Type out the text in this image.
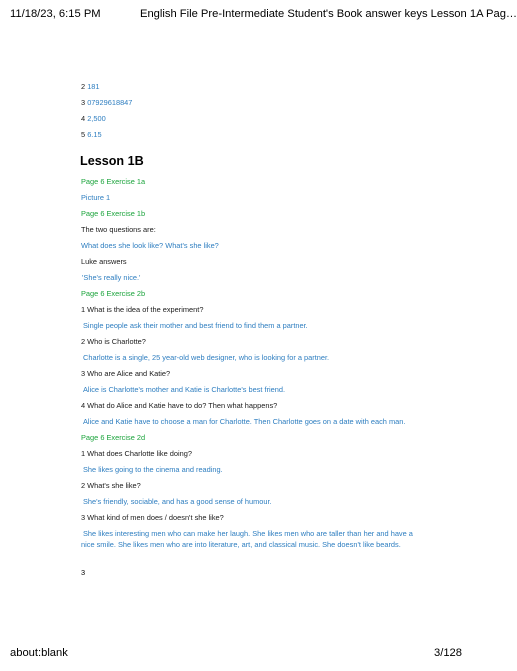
11/18/23, 6:15 PM	English File Pre-Intermediate Student's Book answer keys Lesson 1A Pag…
2 181
3 07929618847
4 2,500
5 6.15
Lesson 1B
Page 6 Exercise 1a
Picture 1
Page 6 Exercise 1b
The two questions are:
What does she look like? What's she like?
Luke answers
'She's really nice.'
Page 6 Exercise 2b
1 What is the idea of the experiment?
Single people ask their mother and best friend to find them a partner.
2 Who is Charlotte?
Charlotte is a single, 25 year-old web designer, who is looking for a partner.
3 Who are Alice and Katie?
Alice is Charlotte's mother and Katie is Charlotte's best friend.
4 What do Alice and Katie have to do? Then what happens?
Alice and Katie have to choose a man for Charlotte. Then Charlotte goes on a date with each man.
Page 6 Exercise 2d
1 What does Charlotte like doing?
She likes going to the cinema and reading.
2 What's she like?
She's friendly, sociable, and has a good sense of humour.
3 What kind of men does / doesn't she like?
She likes interesting men who can make her laugh. She likes men who are taller than her and have a
nice smile. She likes men who are into literature, art, and classical music. She doesn't like beards.
3
about:blank	3/128
